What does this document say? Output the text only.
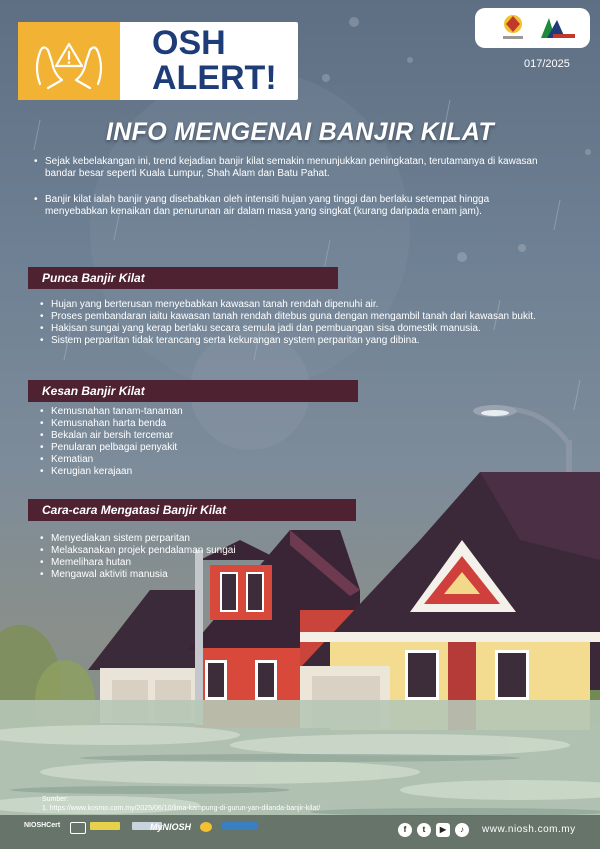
OSH
ALERT!	017/2025
INFO MENGENAI BANJIR KILAT
• Sejak kebelakangan ini, trend kejadian banjir kilat semakin menunjukkan peningkatan, terutamanya di kawasan bandar besar seperti Kuala Lumpur, Shah Alam dan Batu Pahat.
• Banjir kilat ialah banjir yang disebabkan oleh intensiti hujan yang tinggi dan berlaku setempat hingga menyebabkan kenaikan dan penurunan air dalam masa yang singkat (kurang daripada enam jam).
Punca Banjir Kilat
• Hujan yang berterusan menyebabkan kawasan tanah rendah dipenuhi air.
• Proses pembandaran iaitu kawasan tanah rendah ditebus guna dengan mengambil tanah dari kawasan bukit.
• Hakisan sungai yang kerap berlaku secara semula jadi dan pembuangan sisa domestik manusia.
• Sistem perparitan tidak terancang serta kekurangan system perparitan yang dibina.
Kesan Banjir Kilat
• Kemusnahan tanam-tanaman
• Kemusnahan harta benda
• Bekalan air bersih tercemar
• Penularan pelbagai penyakit
• Kematian
• Kerugian kerajaan
Cara-cara Mengatasi Banjir Kilat
• Menyediakan sistem perparitan
• Melaksanakan projek pendalaman sungai
• Memelihara hutan
• Mengawal aktiviti manusia
Sumber:
1. https://www.kosmo.com.my/2025/06/10/lima-kampung-di-gurun-yan-dilanda-banjir-kilat/
NIOSHCert	MyNIOSH	f	t	▶	♪	www.niosh.com.my
